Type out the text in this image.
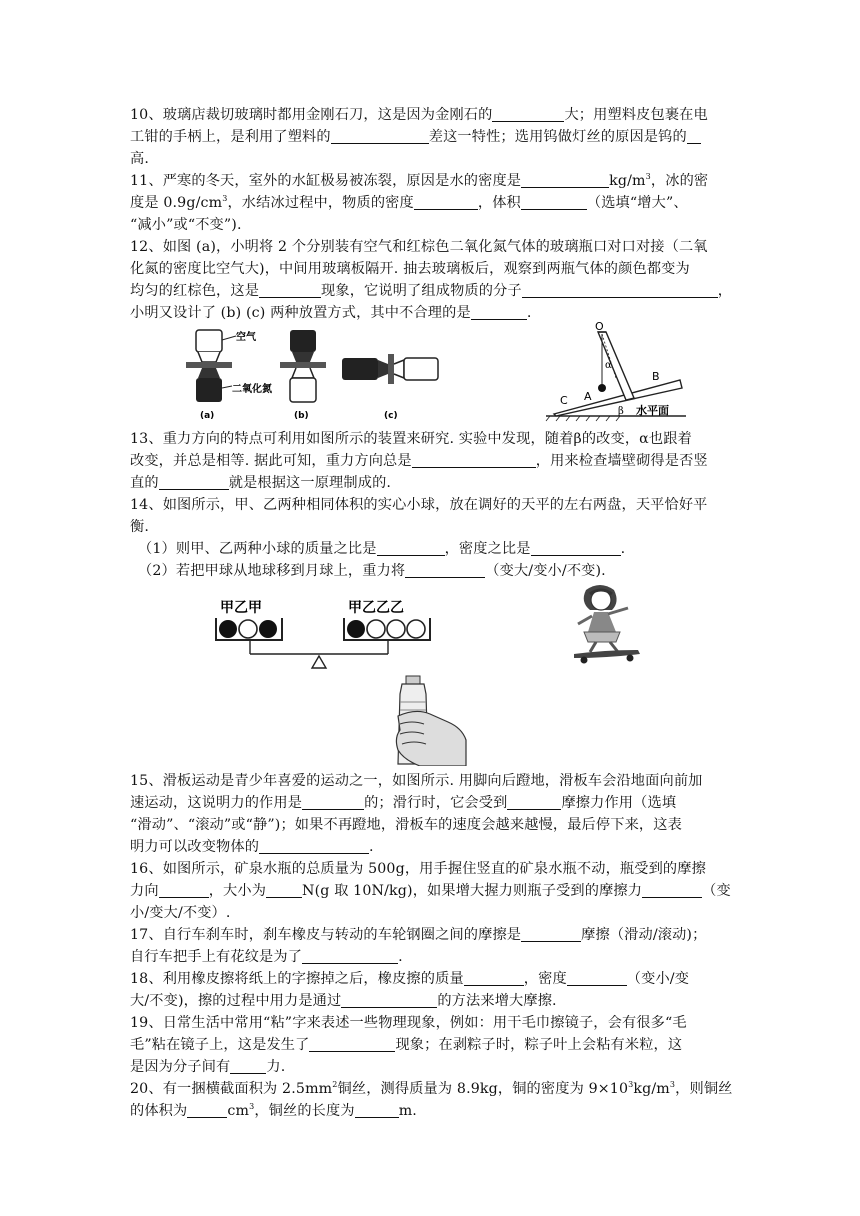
10、玻璃店裁切玻璃时都用金刚石刀，这是因为金刚石的	大；用塑料皮包裹在电
工钳的手柄上，是利用了塑料的	差这一特性；选用钨做灯丝的原因是钨的
高.
11、严寒的冬天，室外的水缸极易被冻裂，原因是水的密度是	$kg/m^3$，冰的密
度是 $0.9g/cm^3$，水结冰过程中，物质的密度	，体积	（选填“增大”、
“减小”或“不变”).
12、如图 (a)，小明将 2 个分别装有空气和红棕色二氧化氮气体的玻璃瓶口对口对接（二氧
化氮的密度比空气大)，中间用玻璃板隔开. 抽去玻璃板后，观察到两瓶气体的颜色都变为
均匀的红棕色，这是	现象，它说明了组成物质的分子	，
小明又设计了 (b) (c) 两种放置方式，其中不合理的是	.
空气
二氧化氮
(a)	(b)	(c)
O
α
A
B
C
β 水平面
13、重力方向的特点可利用如图所示的装置来研究. 实验中发现，随着β的改变，α也跟着
改变，并总是相等. 据此可知，重力方向总是	，用来检查墙壁砌得是否竖
直的	就是根据这一原理制成的.
14、如图所示，甲、乙两种相同体积的实心小球，放在调好的天平的左右两盘，天平恰好平
衡.
（1）则甲、乙两种小球的质量之比是	，密度之比是	.
（2）若把甲球从地球移到月球上，重力将	（变大/变小/不变).
甲乙甲	甲乙乙乙
15、滑板运动是青少年喜爱的运动之一，如图所示. 用脚向后蹬地，滑板车会沿地面向前加
速运动，这说明力的作用是	的；滑行时，它会受到	摩擦力作用（选填
“滑动”、“滚动”或“静”)；如果不再蹬地，滑板车的速度会越来越慢，最后停下来，这表
明力可以改变物体的	.
16、如图所示，矿泉水瓶的总质量为 500g，用手握住竖直的矿泉水瓶不动，瓶受到的摩擦
力向	，大小为	N(g 取 10N/kg)，如果增大握力则瓶子受到的摩擦力	（变
小/变大/不变）.
17、自行车刹车时，刹车橡皮与转动的车轮钢圈之间的摩擦是	摩擦（滑动/滚动)；
自行车把手上有花纹是为了	.
18、利用橡皮擦将纸上的字擦掉之后，橡皮擦的质量	，密度	（变小/变
大/不变)，擦的过程中用力是通过	的方法来增大摩擦.
19、日常生活中常用“粘”字来表述一些物理现象，例如：用干毛巾擦镜子，会有很多“毛
毛”粘在镜子上，这是发生了	现象；在剥粽子时，粽子叶上会粘有米粒，这
是因为分子间有	力.
20、有一捆横截面积为 $2.5mm^2$铜丝，测得质量为 8.9kg，铜的密度为 $9\times 10^3kg/m^3$，则铜丝
的体积为	$cm^3$，铜丝的长度为	m.
